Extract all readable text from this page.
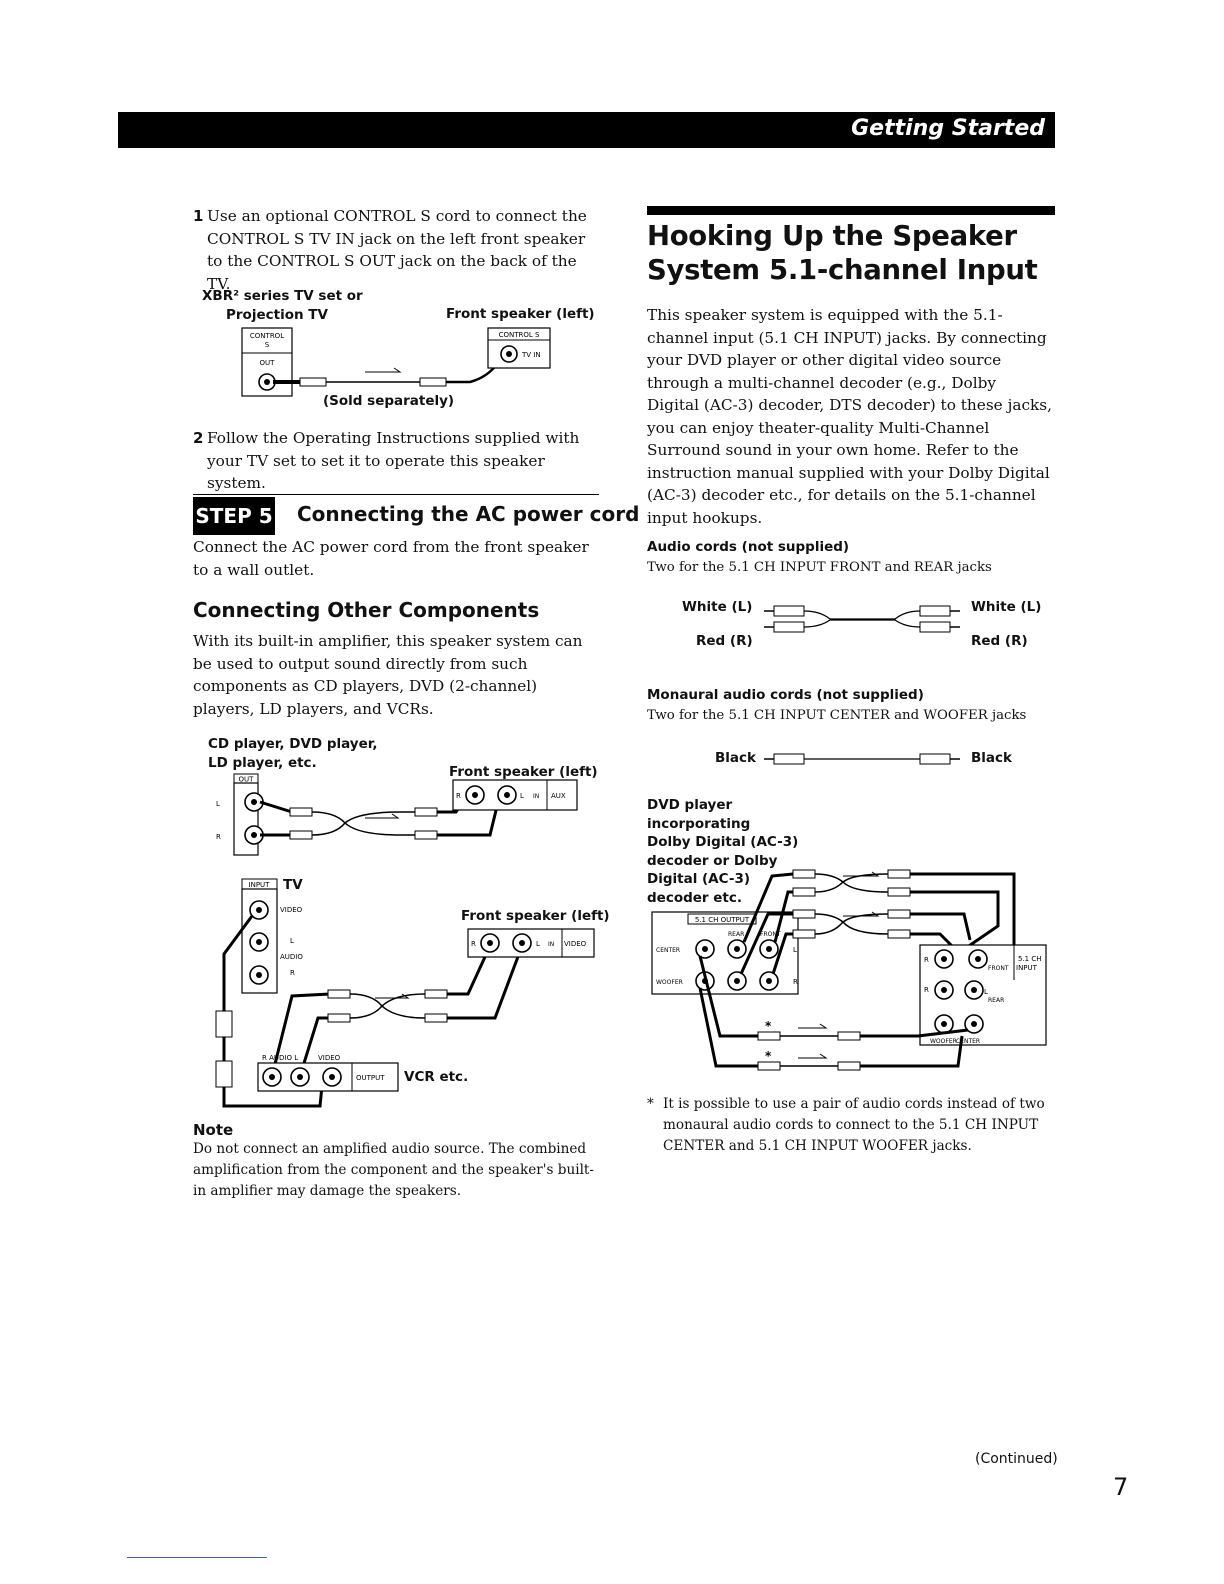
Getting Started
1 Use an optional CONTROL S cord to connect the CONTROL S TV IN jack on the left front speaker to the CONTROL S OUT jack on the back of the TV.
XBR² series TV set or
Projection TV	Front speaker (left)
(Sold separately)
CONTROL
S
OUT
CONTROL S
TV IN
2 Follow the Operating Instructions supplied with your TV set to set it to operate this speaker system.
STEP 5 Connecting the AC power cord
Connect the AC power cord from the front speaker to a wall outlet.
Connecting Other Components
With its built-in amplifier, this speaker system can be used to output sound directly from such components as CD players, DVD (2-channel) players, LD players, and VCRs.
CD player, DVD player,
LD player, etc.
Front speaker (left)
OUT
L
R
R	L IN AUX
TV
Front speaker (left)
VCR etc.
INPUT
VIDEO
L
AUDIO
R
R	L IN VIDEO
R AUDIO L	VIDEO
OUTPUT
Note
Do not connect an amplified audio source. The combined amplification from the component and the speaker's built-in amplifier may damage the speakers.
Hooking Up the Speaker
System 5.1-channel Input
This speaker system is equipped with the 5.1-channel input (5.1 CH INPUT) jacks. By connecting your DVD player or other digital video source through a multi-channel decoder (e.g., Dolby Digital (AC-3) decoder, DTS decoder) to these jacks, you can enjoy theater-quality Multi-Channel Surround sound in your own home. Refer to the instruction manual supplied with your Dolby Digital (AC-3) decoder etc., for details on the 5.1-channel input hookups.
Audio cords (not supplied)
Two for the 5.1 CH INPUT FRONT and REAR jacks
White (L)
Red (R)
White (L)
Red (R)
Monaural audio cords (not supplied)
Two for the 5.1 CH INPUT CENTER and WOOFER jacks
Black	Black
DVD player
incorporating
Dolby Digital (AC-3)
decoder or Dolby
Digital (AC-3)
decoder etc.
5.1 CH OUTPUT
CENTER
WOOFER
REAR	FRONT
L
R
5.1 CH
INPUT
R
R
FRONT
REAR
L
WOOFER CENTER
*
*
* It is possible to use a pair of audio cords instead of two monaural audio cords to connect to the 5.1 CH INPUT CENTER and 5.1 CH INPUT WOOFER jacks.
(Continued)
7
